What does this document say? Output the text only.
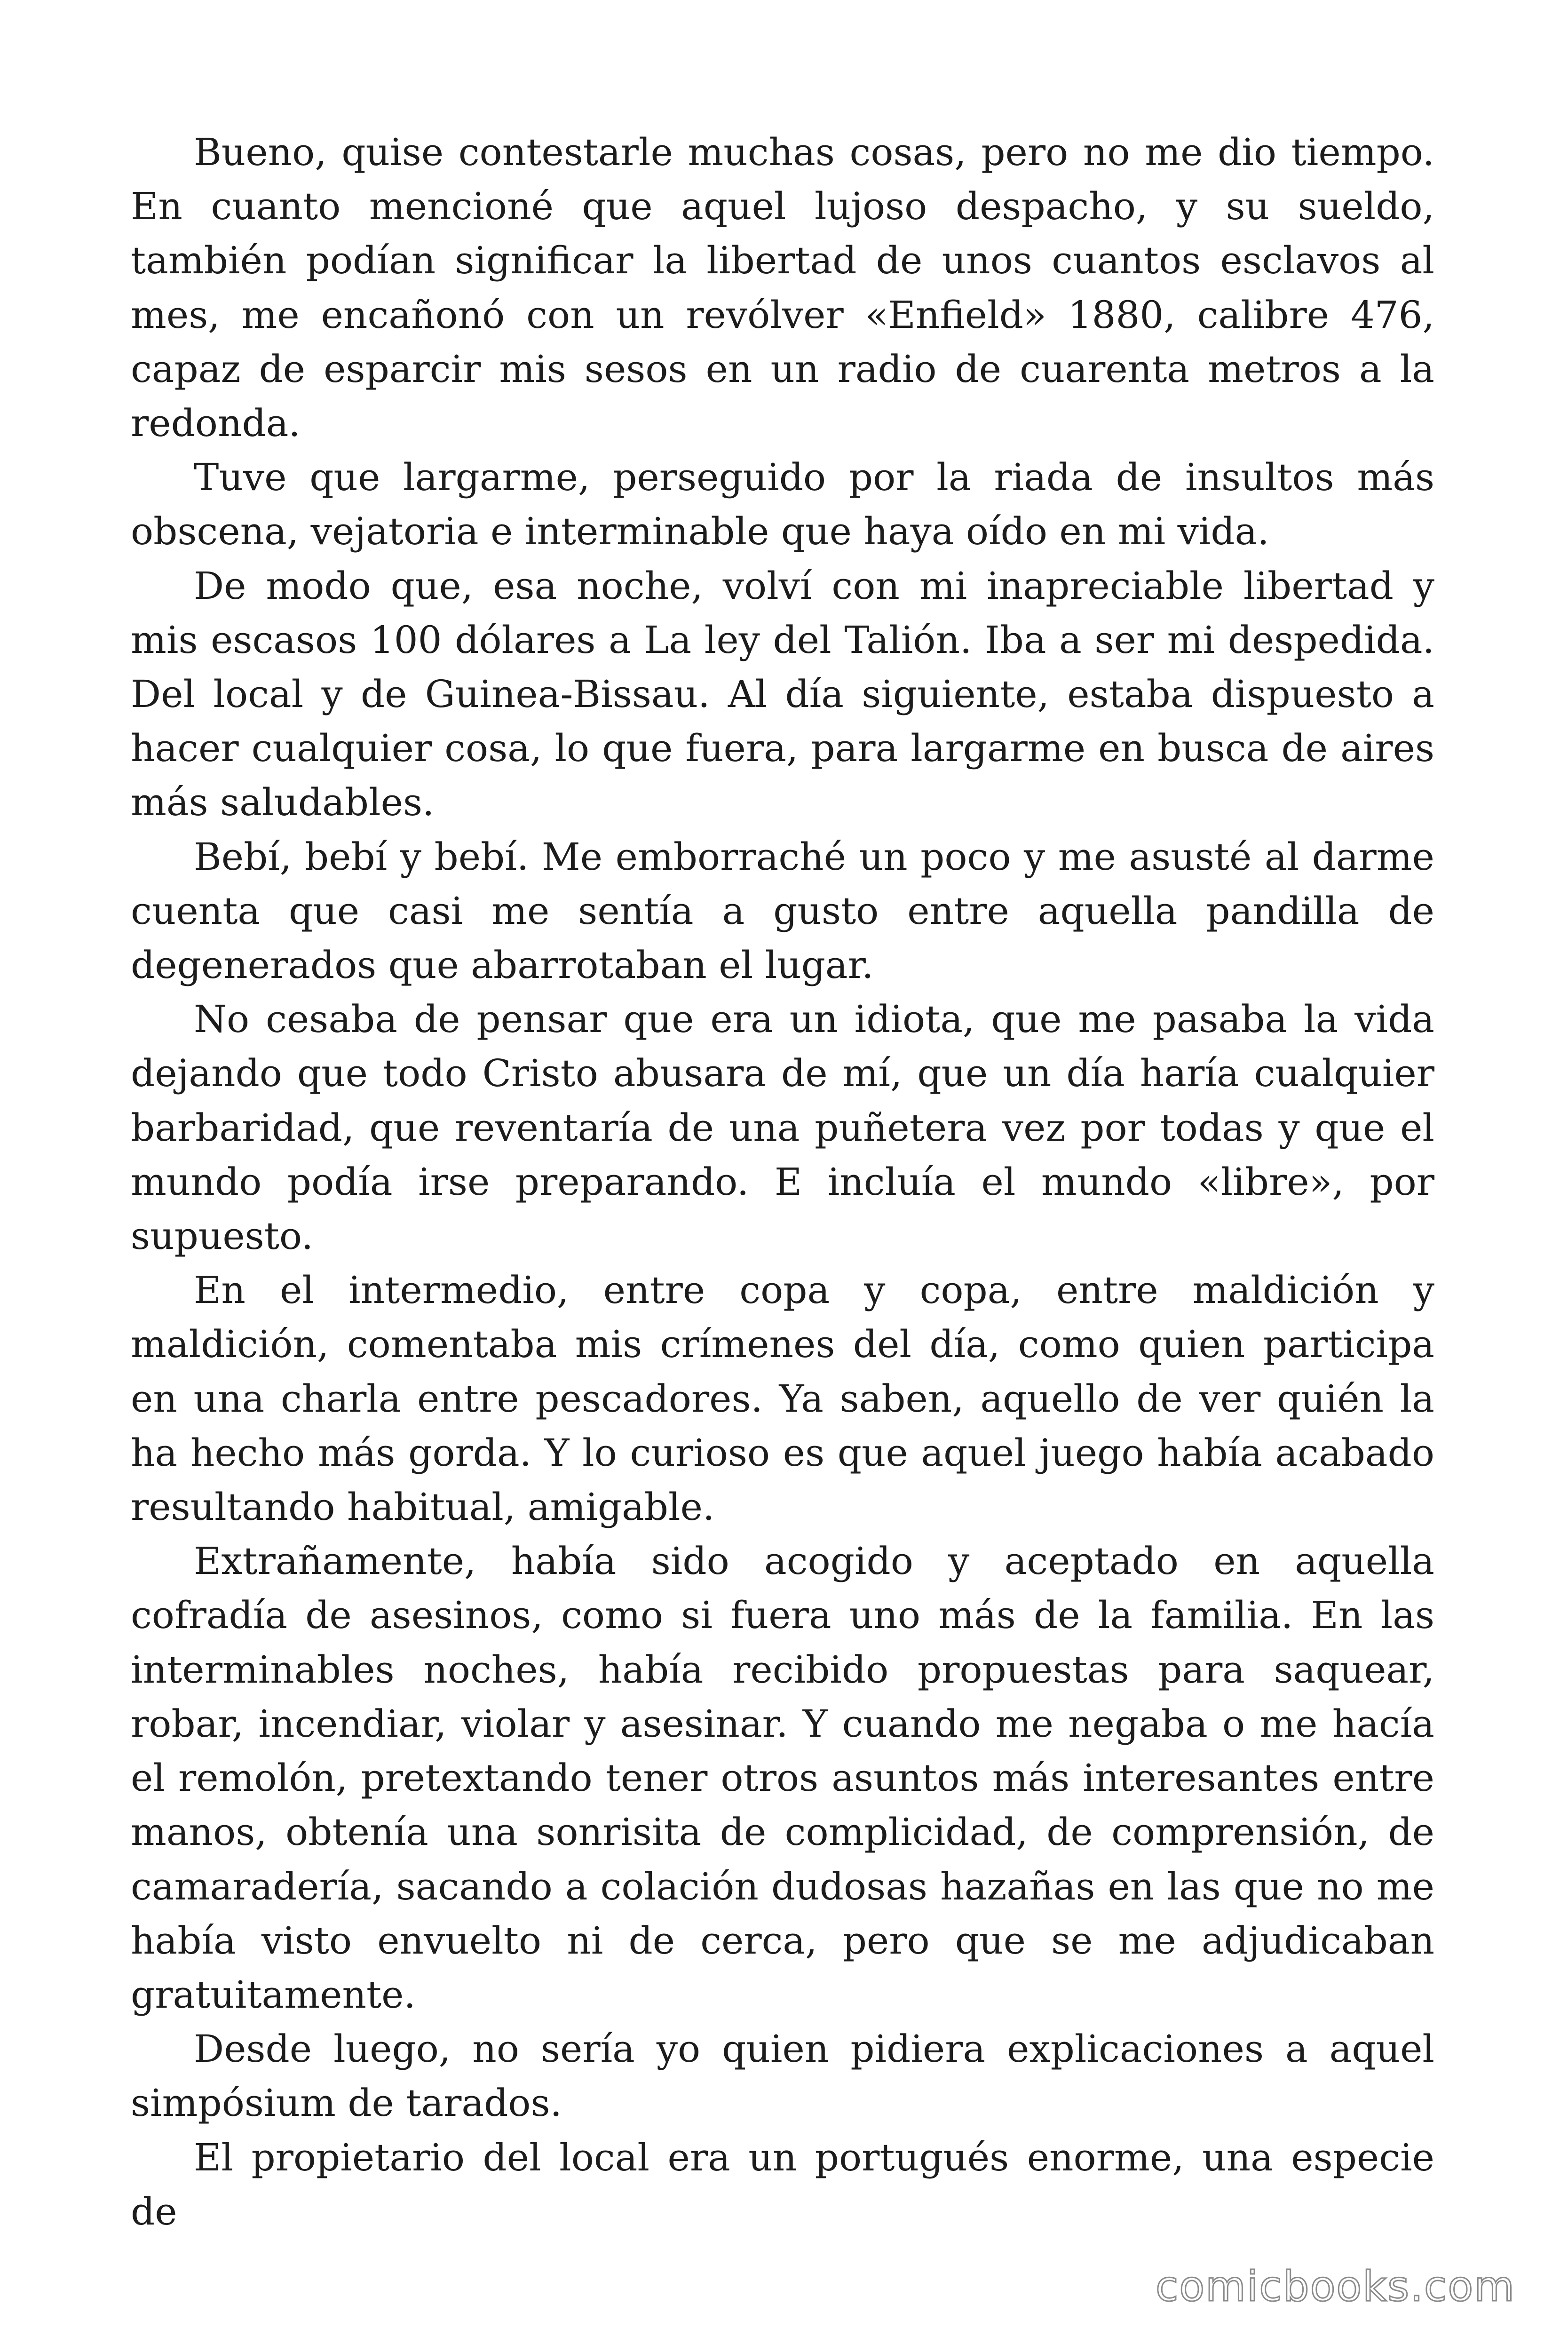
Bueno, quise contestarle muchas cosas, pero no me dio tiempo. En cuanto mencioné que aquel lujoso despacho, y su sueldo, también podían significar la libertad de unos cuantos esclavos al mes, me encañonó con un revólver «Enfield» 1880, calibre 476, capaz de esparcir mis sesos en un radio de cuarenta metros a la redonda.

Tuve que largarme, perseguido por la riada de insultos más obscena, vejatoria e interminable que haya oído en mi vida.

De modo que, esa noche, volví con mi inapreciable libertad y mis escasos 100 dólares a La ley del Talión. Iba a ser mi despedida. Del local y de Guinea-Bissau. Al día siguiente, estaba dispuesto a hacer cualquier cosa, lo que fuera, para largarme en busca de aires más saludables.

Bebí, bebí y bebí. Me emborraché un poco y me asusté al darme cuenta que casi me sentía a gusto entre aquella pandilla de degenerados que abarrotaban el lugar.

No cesaba de pensar que era un idiota, que me pasaba la vida dejando que todo Cristo abusara de mí, que un día haría cualquier barbaridad, que reventaría de una puñetera vez por todas y que el mundo podía irse preparando. E incluía el mundo «libre», por supuesto.

En el intermedio, entre copa y copa, entre maldición y maldición, comentaba mis crímenes del día, como quien participa en una charla entre pescadores. Ya saben, aquello de ver quién la ha hecho más gorda. Y lo curioso es que aquel juego había acabado resultando habitual, amigable.

Extrañamente, había sido acogido y aceptado en aquella cofradía de asesinos, como si fuera uno más de la familia. En las interminables noches, había recibido propuestas para saquear, robar, incendiar, violar y asesinar. Y cuando me negaba o me hacía el remolón, pretextando tener otros asuntos más interesantes entre manos, obtenía una sonrisita de complicidad, de comprensión, de camaradería, sacando a colación dudosas hazañas en las que no me había visto envuelto ni de cerca, pero que se me adjudicaban gratuitamente.

Desde luego, no sería yo quien pidiera explicaciones a aquel simpósium de tarados.

El propietario del local era un portugués enorme, una especie de

comicbooks.com
